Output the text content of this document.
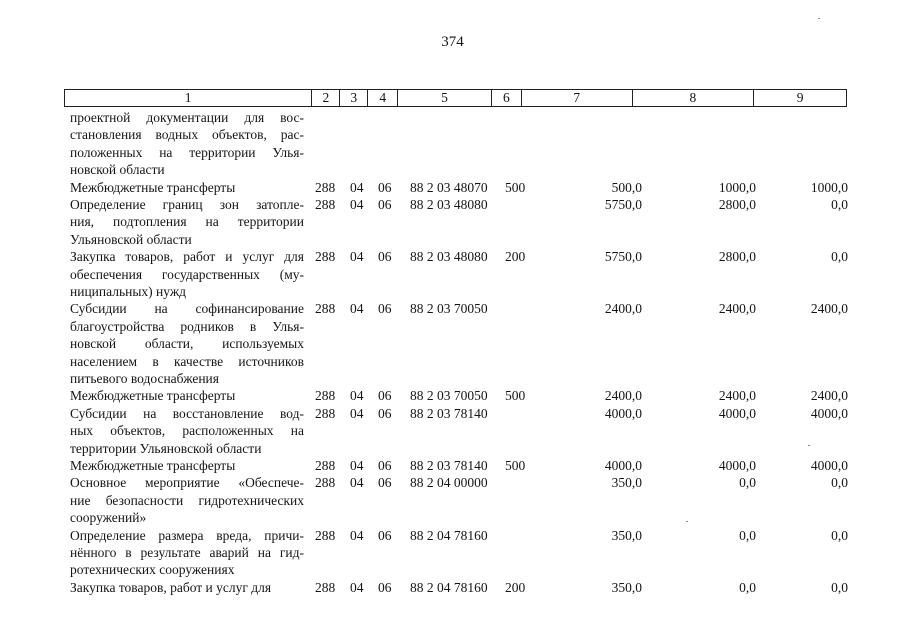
374
1	2	3	4	5	6	7	8	9
проектной документации для вос-
становления водных объектов, рас-
положенных на территории Улья-
новской области
Межбюджетные трансферты	288 04 06 88 2 03 48070 500	500,0	1000,0	1000,0
Определение границ зон затопле-
ния, подтопления на территории
Ульяновской области
288 04 06 88 2 03 48080	5750,0	2800,0	0,0
Закупка товаров, работ и услуг для
обеспечения государственных (му-
ниципальных) нужд
288 04 06 88 2 03 48080 200	5750,0	2800,0	0,0
Субсидии на софинансирование
благоустройства родников в Улья-
новской области, используемых
населением в качестве источников
питьевого водоснабжения
288 04 06 88 2 03 70050	2400,0	2400,0	2400,0
Межбюджетные трансферты	288 04 06 88 2 03 70050 500	2400,0	2400,0	2400,0
Субсидии на восстановление вод-
ных объектов, расположенных на
территории Ульяновской области
288 04 06 88 2 03 78140	4000,0	4000,0	4000,0
Межбюджетные трансферты	288 04 06 88 2 03 78140 500	4000,0	4000,0	4000,0
Основное мероприятие «Обеспече-
ние безопасности гидротехнических
сооружений»
288 04 06 88 2 04 00000	350,0	0,0	0,0
Определение размера вреда, причи-
нённого в результате аварий на гид-
ротехнических сооружениях
288 04 06 88 2 04 78160	350,0	0,0	0,0
Закупка товаров, работ и услуг для	288 04 06 88 2 04 78160 200	350,0	0,0	0,0
